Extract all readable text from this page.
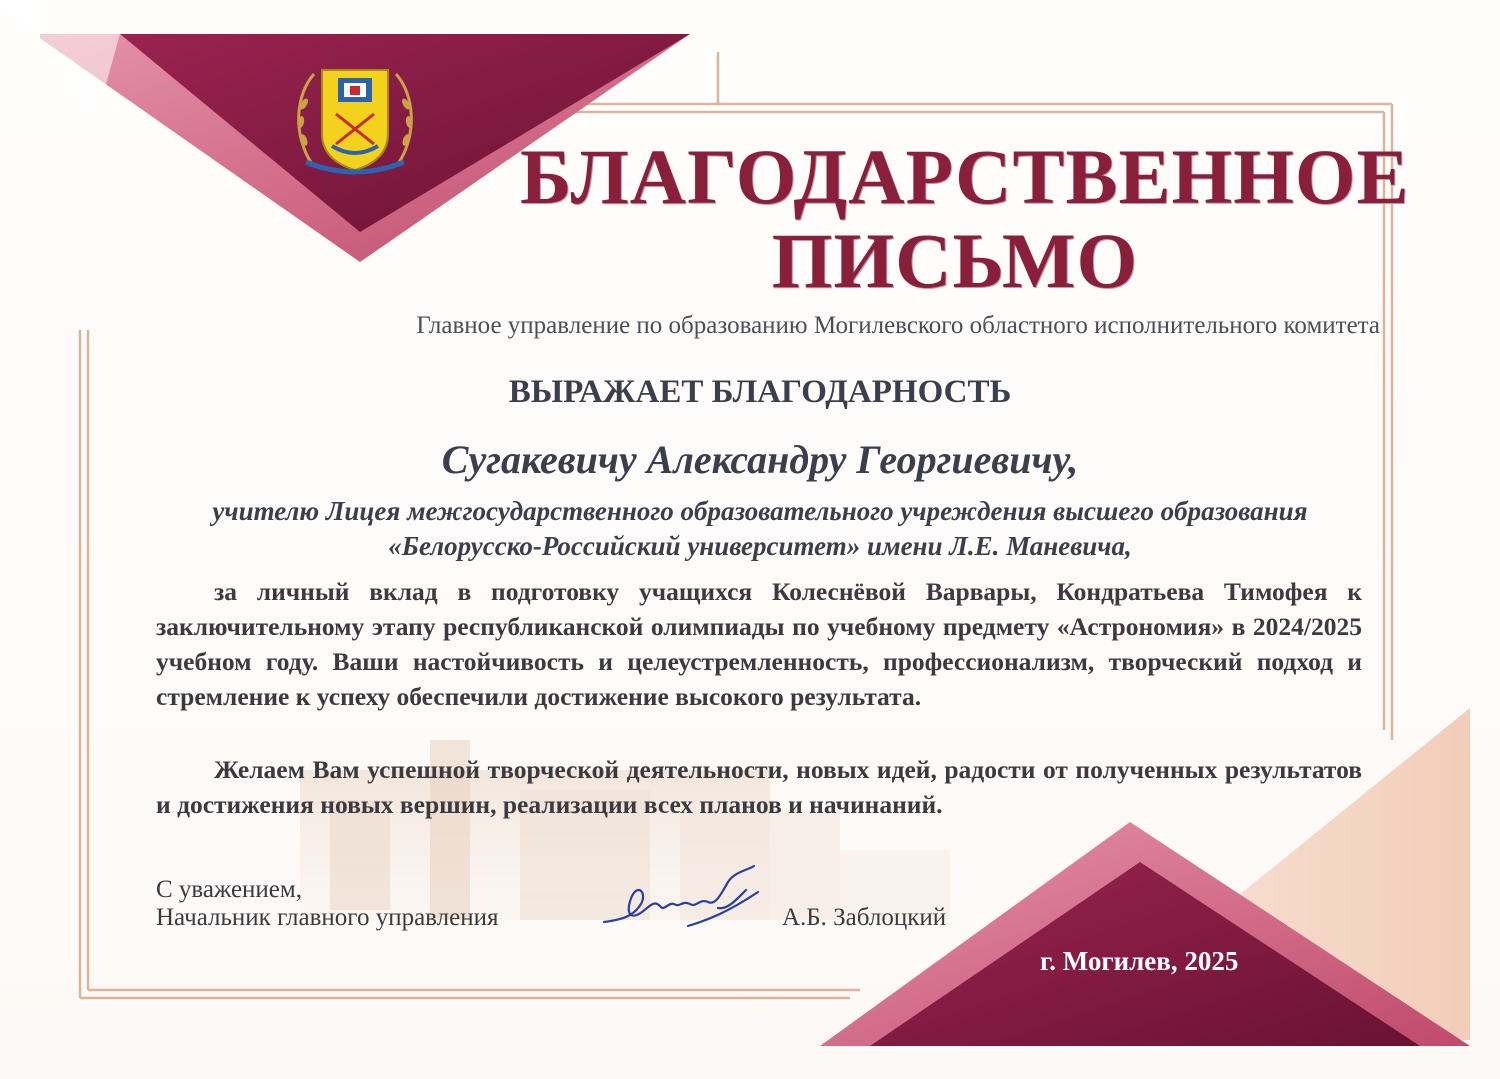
БЛАГОДАРСТВЕННОЕ
ПИСЬМО
Главное управление по образованию Могилевского областного исполнительного комитета
ВЫРАЖАЕТ БЛАГОДАРНОСТЬ
Сугакевичу Александру Георгиевичу,
учителю Лицея межгосударственного образовательного учреждения высшего образования «Белорусско-Российский университет» имени Л.Е. Маневича,
за личный вклад в подготовку учащихся Колеснёвой Варвары, Кондратьева Тимофея к заключительному этапу республиканской олимпиады по учебному предмету «Астрономия» в 2024/2025 учебном году. Ваши настойчивость и целеустремленность, профессионализм, творческий подход и стремление к успеху обеспечили достижение высокого результата.
Желаем Вам успешной творческой деятельности, новых идей, радости от полученных результатов и достижения новых вершин, реализации всех планов и начинаний.
С уважением,
Начальник главного управления	А.Б. Заблоцкий
г. Могилев, 2025
